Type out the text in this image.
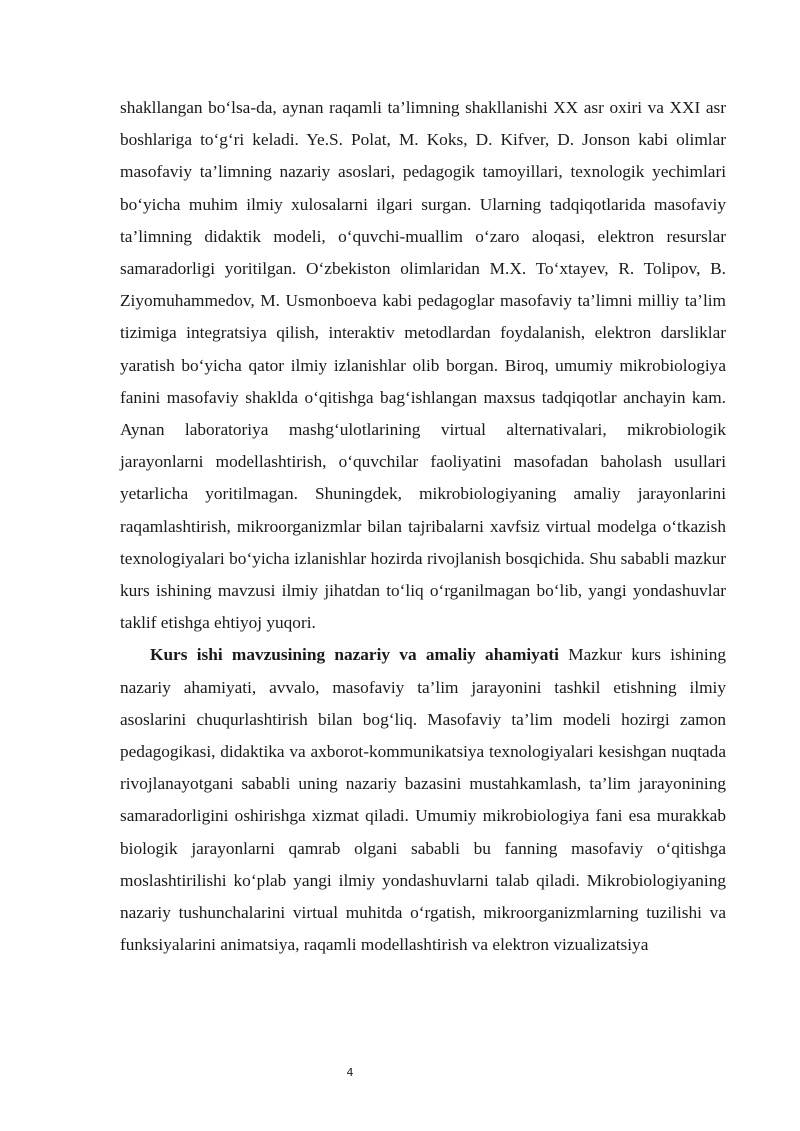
shakllangan bo‘lsa-da, aynan raqamli ta’limning shakllanishi XX asr oxiri va XXI asr boshlariga to‘g‘ri keladi. Ye.S. Polat, M. Koks, D. Kifver, D. Jonson kabi olimlar masofaviy ta’limning nazariy asoslari, pedagogik tamoyillari, texnologik yechimlari bo‘yicha muhim ilmiy xulosalarni ilgari surgan. Ularning tadqiqotlarida masofaviy ta’limning didaktik modeli, o‘quvchi-muallim o‘zaro aloqasi, elektron resurslar samaradorligi yoritilgan. O‘zbekiston olimlaridan M.X. To‘xtayev, R. Tolipov, B. Ziyomuhammedov, M. Usmonboeva kabi pedagoglar masofaviy ta’limni milliy ta’lim tizimiga integratsiya qilish, interaktiv metodlardan foydalanish, elektron darsliklar yaratish bo‘yicha qator ilmiy izlanishlar olib borgan. Biroq, umumiy mikrobiologiya fanini masofaviy shaklda o‘qitishga bag‘ishlangan maxsus tadqiqotlar anchayin kam. Aynan laboratoriya mashg‘ulotlarining virtual alternativalari, mikrobiologik jarayonlarni modellashtirish, o‘quvchilar faoliyatini masofadan baholash usullari yetarlicha yoritilmagan. Shuningdek, mikrobiologiyaning amaliy jarayonlarini raqamlashtirish, mikroorganizmlar bilan tajribalarni xavfsiz virtual modelga o‘tkazish texnologiyalari bo‘yicha izlanishlar hozirda rivojlanish bosqichida. Shu sababli mazkur kurs ishining mavzusi ilmiy jihatdan to‘liq o‘rganilmagan bo‘lib, yangi yondashuvlar taklif etishga ehtiyoj yuqori.

Kurs ishi mavzusining nazariy va amaliy ahamiyati Mazkur kurs ishining nazariy ahamiyati, avvalo, masofaviy ta’lim jarayonini tashkil etishning ilmiy asoslarini chuqurlashtirish bilan bog‘liq. Masofaviy ta’lim modeli hozirgi zamon pedagogikasi, didaktika va axborot-kommunikatsiya texnologiyalari kesishgan nuqtada rivojlanayotgani sababli uning nazariy bazasini mustahkamlash, ta’lim jarayonining samaradorligini oshirishga xizmat qiladi. Umumiy mikrobiologiya fani esa murakkab biologik jarayonlarni qamrab olgani sababli bu fanning masofaviy o‘qitishga moslashtirilishi ko‘plab yangi ilmiy yondashuvlarni talab qiladi. Mikrobiologiyaning nazariy tushunchalarini virtual muhitda o‘rgatish, mikroorganizmlarning tuzilishi va funksiyalarini animatsiya, raqamli modellashtirish va elektron vizualizatsiya

4
